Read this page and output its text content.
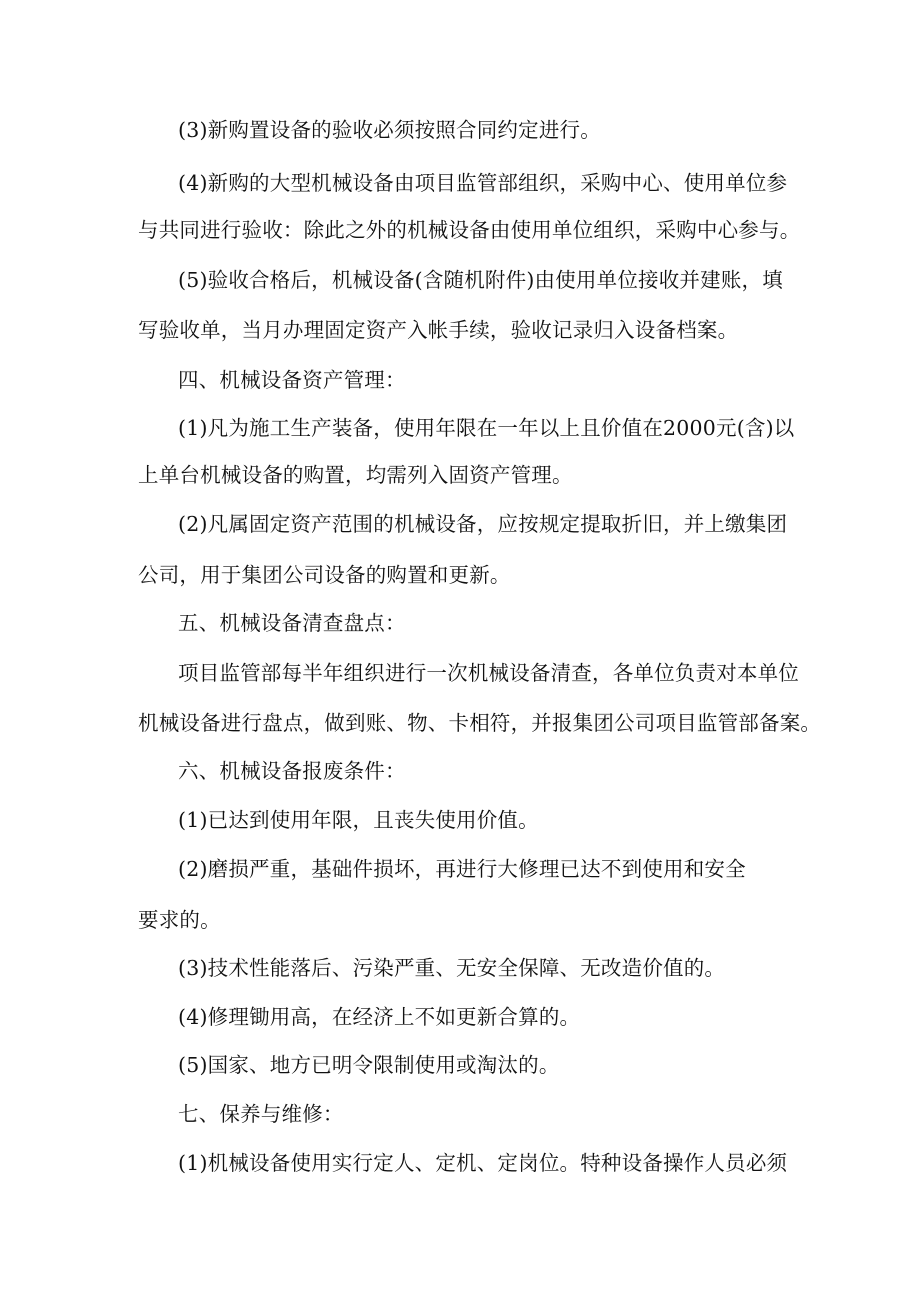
(3)新购置设备的验收必须按照合同约定进行。
(4)新购的大型机械设备由项目监管部组织，采购中心、使用单位参
与共同进行验收：除此之外的机械设备由使用单位组织，采购中心参与。
(5)验收合格后，机械设备(含随机附件)由使用单位接收并建账，填
写验收单，当月办理固定资产入帐手续，验收记录归入设备档案。
四、机械设备资产管理：
(1)凡为施工生产装备，使用年限在一年以上且价值在2000元(含)以
上单台机械设备的购置，均需列入固资产管理。
(2)凡属固定资产范围的机械设备，应按规定提取折旧，并上缴集团
公司，用于集团公司设备的购置和更新。
五、机械设备清查盘点：
项目监管部每半年组织进行一次机械设备清查，各单位负责对本单位
机械设备进行盘点，做到账、物、卡相符，并报集团公司项目监管部备案。
六、机械设备报废条件：
(1)已达到使用年限，且丧失使用价值。
(2)磨损严重，基础件损坏，再进行大修理已达不到使用和安全
要求的。
(3)技术性能落后、污染严重、无安全保障、无改造价值的。
(4)修理锄用高，在经济上不如更新合算的。
(5)国家、地方已明令限制使用或淘汰的。
七、保养与维修：
(1)机械设备使用实行定人、定机、定岗位。特种设备操作人员必须
